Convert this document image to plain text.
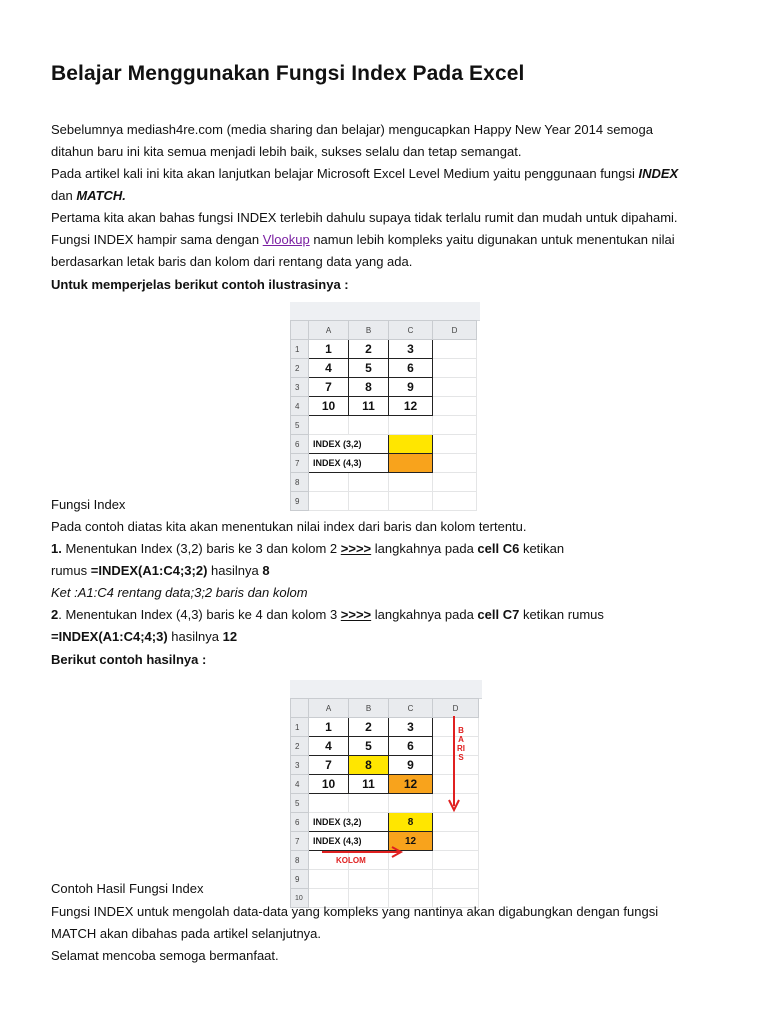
Belajar Menggunakan Fungsi Index Pada Excel
Sebelumnya mediash4re.com (media sharing dan belajar) mengucapkan Happy New Year 2014 semoga
ditahun baru ini kita semua menjadi lebih baik, sukses selalu dan tetap semangat.
Pada artikel kali ini kita akan lanjutkan belajar Microsoft Excel Level Medium yaitu penggunaan fungsi INDEX
dan MATCH.
Pertama kita akan bahas fungsi INDEX terlebih dahulu supaya tidak terlalu rumit dan mudah untuk dipahami.
Fungsi INDEX hampir sama dengan Vlookup namun lebih kompleks yaitu digunakan untuk menentukan nilai
berdasarkan letak baris dan kolom dari rentang data yang ada.
Untuk memperjelas berikut contoh ilustrasinya :
	A	B	C	D
1	1	2	3	
2	4	5	6	
3	7	8	9	
4	10	11	12	
5				
6	INDEX (3,2)			
7	INDEX (4,3)			
8				
9				
Fungsi Index
Pada contoh diatas kita akan menentukan nilai index dari baris dan kolom tertentu.
1. Menentukan Index (3,2) baris ke 3 dan kolom 2 >>>> langkahnya pada cell C6 ketikan
rumus =INDEX(A1:C4;3;2) hasilnya 8
Ket :A1:C4 rentang data;3;2 baris dan kolom
2. Menentukan Index (4,3) baris ke 4 dan kolom 3 >>>> langkahnya pada cell C7 ketikan rumus
=INDEX(A1:C4;4;3) hasilnya 12
Berikut contoh hasilnya :
	A	B	C	D
1	1	2	3	
2	4	5	6	
3	7	8	9	
4	10	11	12	
5				
6	INDEX (3,2)		8	
7	INDEX (4,3)		12	
8				
9				
10				
BARIS
KOLOM
Contoh Hasil Fungsi Index
Fungsi INDEX untuk mengolah data-data yang kompleks yang nantinya akan digabungkan dengan fungsi
MATCH akan dibahas pada artikel selanjutnya.
Selamat mencoba semoga bermanfaat.
